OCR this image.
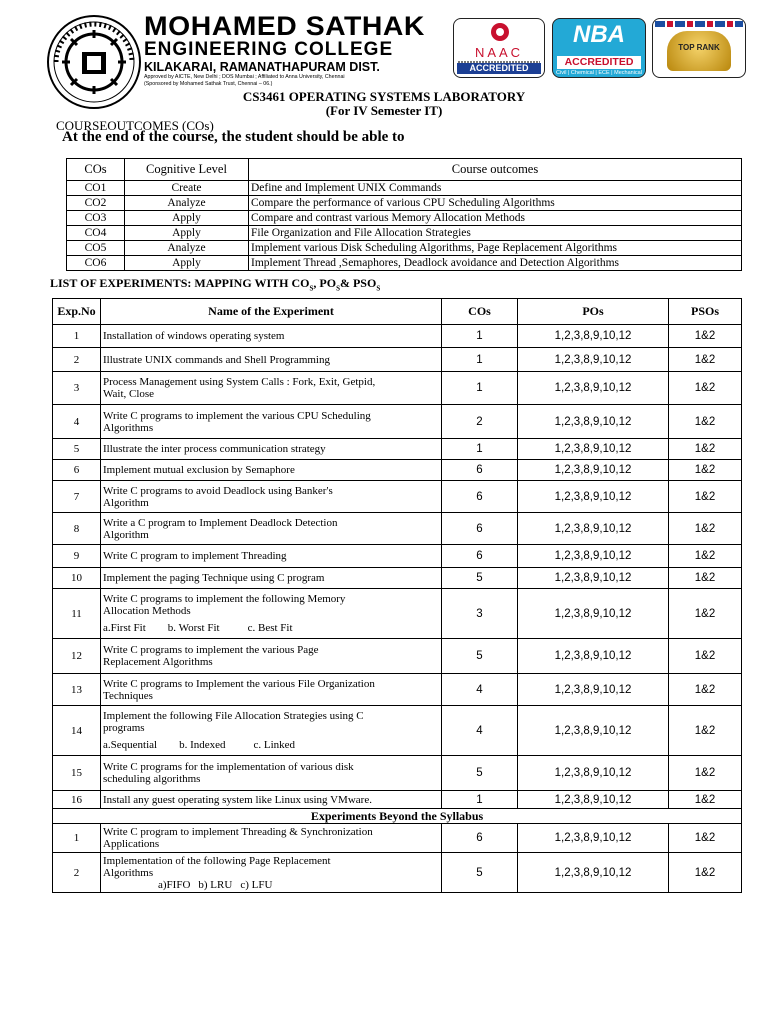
MOHAMED SATHAK
ENGINEERING COLLEGE
KILAKARAI, RAMANATHAPURAM DIST.
Approved by AICTE, New Delhi ; DOS Mumbai ; Affiliated to Anna University, Chennai
(Sponsored by Mohamed Sathak Trust, Chennai – 06.)
NAAC
ACCREDITED
NBA
ACCREDITED
Civil | Chemical | ECE | Mechanical
TOP RANK
CS3461 OPERATING SYSTEMS LABORATORY
(For IV Semester IT)
COURSEOUTCOMES (COs)
At the end of the course, the student should be able to
COs	Cognitive Level	Course outcomes
CO1	Create	Define and Implement UNIX Commands
CO2	Analyze	Compare the performance of various CPU Scheduling Algorithms
CO3	Apply	Compare and contrast various Memory Allocation Methods
CO4	Apply	File Organization and File Allocation Strategies
CO5	Analyze	Implement various Disk Scheduling Algorithms, Page Replacement Algorithms
CO6	Apply	Implement Thread ,Semaphores, Deadlock avoidance and Detection Algorithms
LIST OF EXPERIMENTS: MAPPING WITH $CO_S$, $PO_S\&$ $PSO_S$
Exp.No	Name of the Experiment	COs	POs	PSOs
1	Installation of windows operating system	1	1,2,3,8,9,10,12	1&2
2	Illustrate UNIX commands and Shell Programming	1	1,2,3,8,9,10,12	1&2
3	Process Management using System Calls : Fork, Exit, Getpid,
Wait, Close	1	1,2,3,8,9,10,12	1&2
4	Write C programs to implement the various CPU Scheduling
Algorithms	2	1,2,3,8,9,10,12	1&2
5	Illustrate the inter process communication strategy	1	1,2,3,8,9,10,12	1&2
6	Implement mutual exclusion by Semaphore	6	1,2,3,8,9,10,12	1&2
7	Write C programs to avoid Deadlock using Banker's
Algorithm	6	1,2,3,8,9,10,12	1&2
8	Write a C program to Implement Deadlock Detection
Algorithm	6	1,2,3,8,9,10,12	1&2
9	Write C program to implement Threading	6	1,2,3,8,9,10,12	1&2
10	Implement the paging Technique using C program	5	1,2,3,8,9,10,12	1&2
11	Write C programs to implement the following Memory
Allocation Methods
a.First Fit b. Worst Fit c. Best Fit	3	1,2,3,8,9,10,12	1&2
12	Write C programs to implement the various Page
Replacement Algorithms	5	1,2,3,8,9,10,12	1&2
13	Write C programs to Implement the various File Organization
Techniques	4	1,2,3,8,9,10,12	1&2
14	Implement the following File Allocation Strategies using C
programs
a.Sequential b. Indexed c. Linked	4	1,2,3,8,9,10,12	1&2
15	Write C programs for the implementation of various disk
scheduling algorithms	5	1,2,3,8,9,10,12	1&2
16	Install any guest operating system like Linux using VMware.	1	1,2,3,8,9,10,12	1&2
Experiments Beyond the Syllabus				
1	Write C program to implement Threading & Synchronization
Applications	6	1,2,3,8,9,10,12	1&2
2	Implementation of the following Page Replacement
Algorithms
a)FIFO b) LRU c) LFU	5	1,2,3,8,9,10,12	1&2
